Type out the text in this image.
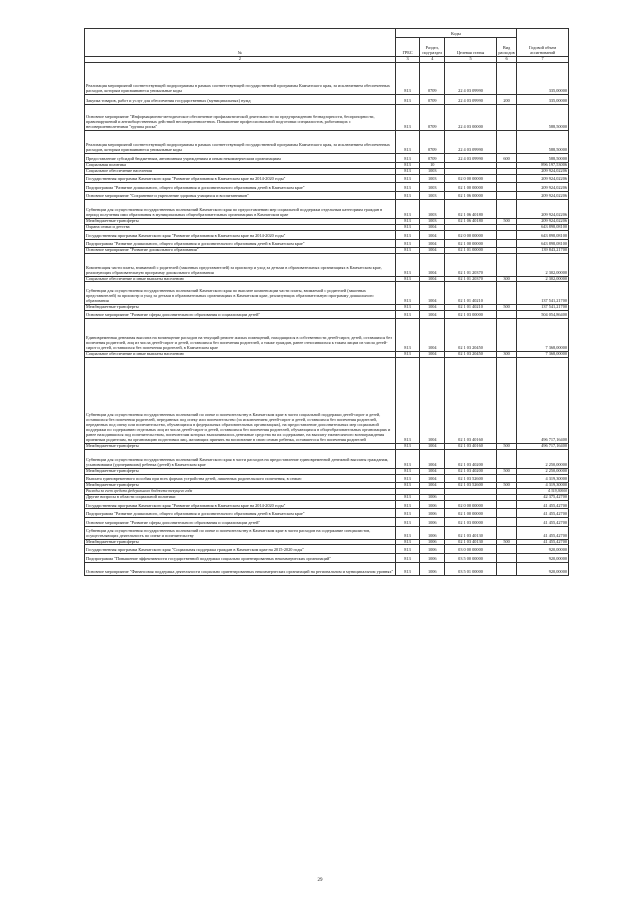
№	Коды				Годовой объем ассигнований
	ГРБС	Раздел, под-раздел	Целевая статья	Вид расходов	
2	3	4	5	6	7
Реализация мероприятий соответствующей подпрограммы в рамках соответствующей государственной программы Камчатского края, за исключением обеспеченных расходов, которым присваиваются уникальные коды	813	0709	22 4 03 09990		335,00000
Закупка товаров, работ и услуг для обеспечения государственных (муниципальных) нужд	813	0709	22 4 03 09990	200	335,00000
Основное мероприятие "Информационно-методическое обеспечение профилактической деятельности по предупреждению безнадзорности, беспризорности, правонарушений и антиобщественных действий несовершеннолетних. Повышение профессиональной подготовки специалистов, работающих с несовершеннолетними "группы риска"	813	0709	22 4 03 00000		588,50000
Реализация мероприятий соответствующей подпрограммы в рамках соответствующей государственной программы Камчатского края, за исключением обеспеченных расходов, которым присваиваются уникальные коды	813	0709	22 4 03 09990		588,50000
Предоставление субсидий бюджетным, автономным учреждениям и иным некоммерческим организациям	813	0709	22 4 03 09990	600	588,50000
Социальная политика	813	10			896 197,53006
Социальное обеспечение населения	813	1003			209 924,02206
Государственная программа Камчатского края "Развитие образования в Камчатском крае на 2014-2020 годы"	813	1003	02 0 00 00000		209 924,02206
Подпрограмма "Развитие дошкольного, общего образования и дополнительного образования детей в Камчатском крае"	813	1003	02 1 00 00000		209 924,02206
Основное мероприятие "Сохранение и укрепление здоровья учащихся и воспитанников"	813	1003	02 1 06 00000		209 924,02206
Субвенции для осуществления государственных полномочий Камчатского края по предоставлению мер социальной поддержки отдельным категориям граждан в период получения ими образования в муниципальных общеобразовательных организациях в Камчатском крае	813	1003	02 1 06 40180		209 924,02206
Межбюджетные трансферты	813	1003	02 1 06 40180	500	209 924,02206
Охрана семьи и детства	813	1004			643 898,08100
Государственная программа Камчатского края "Развитие образования в Камчатском крае на 2014-2020 годы"	813	1004	02 0 00 00000		643 898,08100
Подпрограмма "Развитие дошкольного, общего образования и дополнительного образования детей в Камчатском крае"	813	1004	02 1 00 00000		643 898,08100
Основное мероприятие "Развитие дошкольного образования"	813	1004	02 1 01 00000		139 843,21700
Компенсация части платы, взимаемой с родителей (законных представителей) за присмотр и уход за детьми в образовательных организациях в Камчатском крае, реализующих образовательную программу дошкольного образования	813	1004	02 1 01 20370		2 302,00000
Социальное обеспечение и иные выплаты населению	813	1004	02 1 01 20370	300	2 302,00000
Субвенции для осуществления государственных полномочий Камчатского края по выплате компенсации части платы, взимаемой с родителей (законных представителей) за присмотр и уход за детьми в образовательных организациях в Камчатском крае, реализующих образовательную программу дошкольного образования	813	1004	02 1 01 40210		137 541,21700
Межбюджетные трансферты	813	1004	02 1 01 40210	500	137 541,21700
Основное мероприятие "Развитие сферы дополнительного образования и социализации детей"	813	1004	02 1 03 00000		504 054,86400
Единовременная денежная выплата на возмещение расходов на текущий ремонт жилых помещений, находящихся в собственности детей-сирот, детей, оставшихся без попечения родителей, лиц из числа детей-сирот и детей, оставшихся без попечения родителей, а также граждан, ранее относившихся к таким лицам из числа детей-сирот и детей, оставшихся без попечения родителей, в Камчатском крае	813	1004	02 1 03 20450		7 368,00000
Социальное обеспечение и иные выплаты населению	813	1004	02 1 03 20450	300	7 368,00000
Субвенции для осуществления государственных полномочий по опеке и попечительству в Камчатском крае в части социальной поддержки детей-сирот и детей, оставшихся без попечения родителей, переданных под опеку или попечительство (за исключением детей-сирот и детей, оставшихся без попечения родителей, переданных под опеку или попечительство, обучающихся в федеральных образовательных организациях), на предоставление дополнительных мер социальной поддержки по содержанию отдельных лиц из числа детей-сирот и детей, оставшихся без попечения родителей, обучающихся в общеобразовательных организациях и ранее находившихся под попечительством, попечителям которых выплачивались денежные средства на их содержание, на выплату ежемесячного вознаграждения приемным родителям, на организацию подготовки лиц, желающих принять на воспитание в свою семью ребенка, оставшегося без попечения родителей	813	1004	02 1 03 40160		496 717,16400
Межбюджетные трансферты	813	1004	02 1 03 40160	500	496 717,16400
Субвенции для осуществления государственных полномочий Камчатского края в части расходов на предоставление единовременной денежной выплаты гражданам, усыновившим (удочерившим) ребенка (детей) в Камчатском крае	813	1004	02 1 03 40200		2 250,00000
Межбюджетные трансферты	813	1004	02 1 03 40200	500	2 250,00000
Выплата единовременного пособия при всех формах устройства детей, лишенных родительского попечения, в семью	813	1004	02 1 03 52600		4 319,30000
Межбюджетные трансферты	813	1004	02 1 03 52600	500	4 319,30000
Расходы за счет средств федерального бюджета текущего года					4 319,30000
Другие вопросы в области социальной политики	813	1006			42 375,42700
Государственная программа Камчатского края "Развитие образования в Камчатском крае на 2014-2020 годы"	813	1006	02 0 00 00000		41 455,42700
Подпрограмма "Развитие дошкольного, общего образования и дополнительного образования детей в Камчатском крае"	813	1006	02 1 00 00000		41 455,42700
Основное мероприятие "Развитие сферы дополнительного образования и социализации детей"	813	1006	02 1 03 00000		41 455,42700
Субвенции для осуществления государственных полномочий по опеке и попечительству в Камчатском крае в части расходов на содержание специалистов, осуществляющих деятельность по опеке и попечительству	813	1006	02 1 03 40130		41 455,42700
Межбюджетные трансферты	813	1006	02 1 03 40130	500	41 455,42700
Государственная программа Камчатского края "Социальная поддержка граждан в Камчатском крае на 2015-2020 годы"	813	1006	03 0 00 00000		920,00000
Подпрограмма "Повышение эффективности государственной поддержки социально ориентированных некоммерческих организаций"	813	1006	03 5 00 00000		920,00000
Основное мероприятие "Финансовая поддержка деятельности социально ориентированных некоммерческих организаций на региональном и муниципальном уровнях"	813	1006	03 5 01 00000		920,00000
29
